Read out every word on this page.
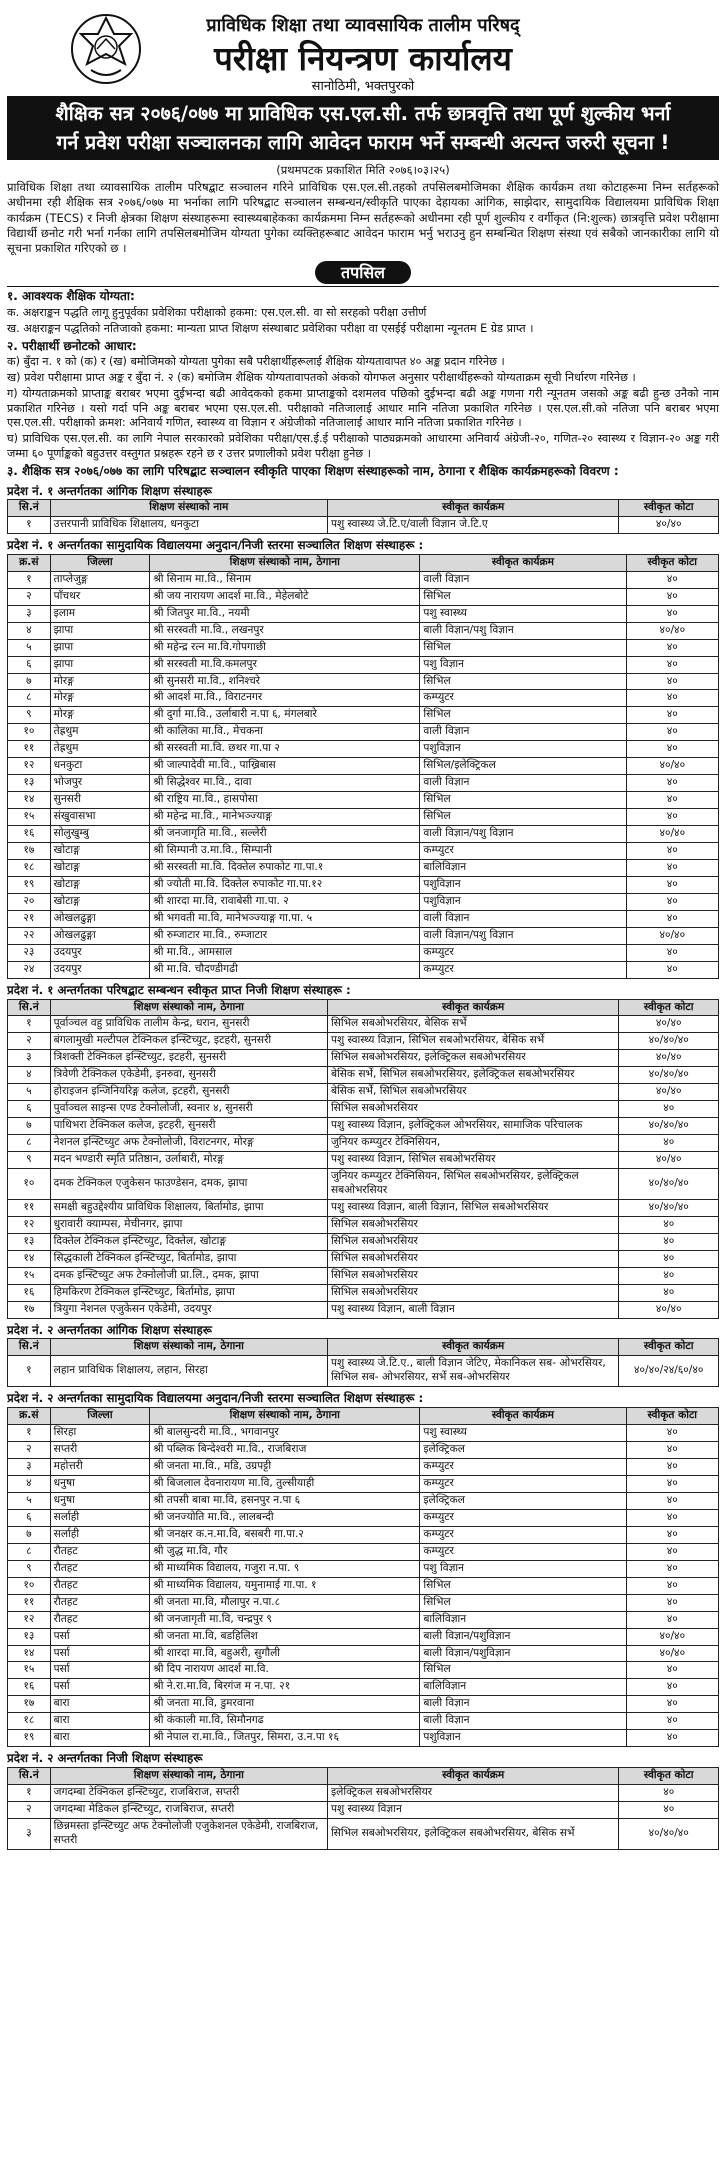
प्राविधिक शिक्षा तथा व्यावसायिक तालीम परिषद्
परीक्षा नियन्त्रण कार्यालय
सानोठिमी, भक्तपुरको
शैक्षिक सत्र २०७६/०७७ मा प्राविधिक एस.एल.सी. तर्फ छात्रवृत्ति तथा पूर्ण शुल्कीय भर्ना
गर्न प्रवेश परीक्षा सञ्चालनका लागि आवेदन फाराम भर्ने सम्बन्धी अत्यन्त जरुरी सूचना !
(प्रथमपटक प्रकाशित मिति २०७६।०३।२५)
प्राविधिक शिक्षा तथा व्यावसायिक तालीम परिषद्बाट सञ्चालन गरिने प्राविधिक एस.एल.सी.तहको तपसिलबमोजिमका शैक्षिक कार्यक्रम तथा कोटाहरूमा निम्न सर्तहरूको अधीनमा रही शैक्षिक सत्र २०७६/०७७ मा भर्नाका लागि परिषद्बाट सञ्चालन सम्बन्धन/स्वीकृति पाएका देहायका आंगिक, साझेदार, सामुदायिक विद्यालयमा प्राविधिक शिक्षा कार्यक्रम (TECS) र निजी क्षेत्रका शिक्षण संस्थाहरूमा स्वास्थ्यबाहेकका कार्यक्रममा निम्न सर्तहरूको अधीनमा रही पूर्ण शुल्कीय र वर्गीकृत (नि:शुल्क) छात्रवृत्ति प्रवेश परीक्षामा विद्यार्थी छनोट गरी भर्ना गर्नका लागि तपसिलबमोजिम योग्यता पुगेका व्यक्तिहरूबाट आवेदन फाराम भर्नु भराउनु हुन सम्बन्धित शिक्षण संस्था एवं सबैको जानकारीका लागि यो सूचना प्रकाशित गरिएको छ ।
तपसिल
१. आवश्यक शैक्षिक योग्यता:
क. अक्षराङ्कन पद्धति लागू हुनुपूर्वका प्रवेशिका परीक्षाको हकमा: एस.एल.सी. वा सो सरहको परीक्षा उत्तीर्ण
ख. अक्षराङ्कन पद्धतिको नतिजाको हकमा: मान्यता प्राप्त शिक्षण संस्थाबाट प्रवेशिका परीक्षा वा एसईई परीक्षामा न्यूनतम E ग्रेड प्राप्त ।
२. परीक्षार्थी छनोटको आधार:
क) बुँदा न. १ को (क) र (ख) बमोजिमको योग्यता पुगेका सबै परीक्षार्थीहरूलाई शैक्षिक योग्यतावापत ४० अङ्क प्रदान गरिनेछ ।
ख) प्रवेश परीक्षामा प्राप्त अङ्क र बुँदा नं. २ (क) बमोजिम शैक्षिक योग्यतावापतको अंकको योगफल अनुसार परीक्षार्थीहरूको योग्यताक्रम सूची निर्धारण गरिनेछ ।
ग) योग्यताक्रमको प्राप्ताङ्क बराबर भएमा दुईभन्दा बढी आवेदकको हकमा प्राप्ताङ्कको दशमलव पछिको दुईभन्दा बढी अङ्क गणना गरी न्यूनतम जसको अङ्क बढी हुन्छ उनैको नाम प्रकाशित गरिनेछ । यसो गर्दा पनि अङ्क बराबर भएमा एस.एल.सी. परीक्षाको नतिजालाई आधार मानि नतिजा प्रकाशित गरिनेछ । एस.एल.सी.को नतिजा पनि बराबर भएमा एस.एल.सी. परीक्षाको क्रमश: अनिवार्य गणित, स्वास्थ्य वा विज्ञान र अंग्रेजीको नतिजालाई आधार मानि नतिजा प्रकाशित गरिनेछ ।
घ) प्राविधिक एस.एल.सी. का लागि नेपाल सरकारको प्रवेशिका परीक्षा/एस.ई.ई परीक्षाको पाठ्यक्रमको आधारमा अनिवार्य अंग्रेजी-२०, गणित-२० स्वास्थ्य र विज्ञान-२० अङ्क गरी जम्मा ६० पूर्णाङ्कको बहुउत्तर वस्तुगत प्रश्नहरू रहने छ र उत्तर प्रणालीको प्रवेश परीक्षा हुनेछ ।
३. शैक्षिक सत्र २०७६/०७७ का लागि परिषद्बाट सञ्चालन स्वीकृति पाएका शिक्षण संस्थाहरूको नाम, ठेगाना र शैक्षिक कार्यक्रमहरूको विवरण :
प्रदेश नं. १ अन्तर्गतका आंगिक शिक्षण संस्थाहरू
सि.नं	शिक्षण संस्थाको नाम	स्वीकृत कार्यक्रम	स्वीकृत कोटा
१	उत्तरपानी प्राविधिक शिक्षालय, धनकुटा	पशु स्वास्थ्य जे.टि.ए/वाली विज्ञान जे.टि.ए	४०/४०
प्रदेश नं. १ अन्तर्गतका सामुदायिक विद्यालयमा अनुदान/निजी स्तरमा सञ्चालित शिक्षण संस्थाहरू :
क्र.सं	जिल्ला	शिक्षण संस्थाको नाम, ठेगाना	स्वीकृत कार्यक्रम	स्वीकृत कोटा
१	ताप्लेजुङ्ग	श्री सिनाम मा.वि., सिनाम	वाली विज्ञान	४०
२	पाँचथर	श्री जय नारायण आदर्श मा.वि., मेहेलबोटे	सिभिल	४०
३	इलाम	श्री जितपुर मा.वि., नयमी	पशु स्वास्थ्य	४०
४	झापा	श्री सरस्वती मा.वि., लखनपुर	बाली विज्ञान/पशु विज्ञान	४०/४०
५	झापा	श्री महेन्द्र रत्न मा.वि.गोपगाछी	सिभिल	४०
६	झापा	श्री सरस्वती मा.वि.कमलपुर	पशु विज्ञान	४०
७	मोरङ्ग	श्री सुनसरी मा.वि., शनिश्चरे	सिभिल	४०
८	मोरङ्ग	श्री आदर्श मा.वि., विराटनगर	कम्प्युटर	४०
९	मोरङ्ग	श्री दुर्गा मा.वि., उर्लाबारी न.पा ६, मंगलबारे	सिभिल	४०
१०	तेह्रथुम	श्री कालिका मा.वि., मेचकना	वाली विज्ञान	४०
११	तेह्रथुम	श्री सरस्वती मा.वि. छथर गा.पा २	पशुविज्ञान	४०
१२	धनकुटा	श्री जाल्पादेवी मा.वि., पाख्रिबास	सिभिल/इलेक्ट्रिकल	४०/४०
१३	भोजपुर	श्री सिद्धेश्वर मा.वि., दावा	वाली विज्ञान	४०
१४	सुनसरी	श्री राष्ट्रिय मा.वि., हासपोसा	सिभिल	४०
१५	संखुवासभा	श्री महेन्द्र मा.वि., मानेभञ्ज्याङ्ग	सिभिल	४०
१६	सोलुखुम्बु	श्री जनजागृति मा.वि., सल्लेरी	वाली विज्ञान/पशु विज्ञान	४०/४०
१७	खोटाङ्ग	श्री सिम्पानी उ.मा.वि., सिम्पानी	कम्प्युटर	४०
१८	खोटाङ्ग	श्री सरस्वती मा.वि. दिक्तेल रुपाकोट गा.पा.१	बालिविज्ञान	४०
१९	खोटाङ्ग	श्री ज्योती मा.वि. दिक्तेल रुपाकोट गा.पा.१२	पशुविज्ञान	४०
२०	खोटाङ्ग	श्री शारदा मा.वि, रावाबेसी गा.पा. २	पशुविज्ञान	४०
२१	ओखलढुङ्गा	श्री भगवती मा.वि, मानेभञ्ज्याङ्ग गा.पा. ५	वाली विज्ञान	४०
२२	ओखलढुङ्गा	श्री रुम्जाटार मा.वि., रुम्जाटार	वाली विज्ञान/पशु विज्ञान	४०/४०
२३	उदयपुर	श्री मा.वि., आमसाल	कम्प्युटर	४०
२४	उदयपुर	श्री मा.वि. चौदण्डीगढी	कम्प्युटर	४०
प्रदेश नं. १ अन्तर्गतका परिषद्बाट सम्बन्धन स्वीकृत प्राप्त निजी शिक्षण संस्थाहरू :
सि.नं	शिक्षण संस्थाको नाम, ठेगाना	स्वीकृत कार्यक्रम	स्वीकृत कोटा
१	पूर्वाञ्चल वहु प्राविधिक तालीम केन्द्र, धरान, सुनसरी	सिभिल सबओभरसियर, बेसिक सर्भे	४०/४०
२	बंगलामुखी मल्टीपल टेक्निकल इन्स्टिच्युट, इटहरी, सुनसरी	पशु स्वास्थ्य विज्ञान, सिभिल सबओभरसियर, बेसिक सर्भे	४०/४०/४०
३	त्रिशक्ती टेक्निकल इन्स्टिच्युट, इटहरी, सुनसरी	सिभिल सबओभरसियर, इलेक्ट्रिकल सबओभरसियर	४०/४०
४	त्रिवेणी टेक्निकल एकेडेमी, इनरुवा, सुनसरी	बेसिक सर्भे, सिभिल सबओभरसियर, इलेक्ट्रिकल सबओभरसियर	४०/४०/४०
५	होराइजन इन्जिनियरिङ्ग कलेज, इटहरी, सुनसरी	बेसिक सर्भे, सिभिल सबओभरसियर	४०/४०
६	पुर्वाञ्चल साइन्स एण्ड टेक्नोलोजी, स्वनार ४, सुनसरी	सिभिल सबओभरसियर	४०
७	पाथिभरा टेक्निकल कलेज, इटहरी, सुनसरी	पशु स्वास्थ्य विज्ञान, इलेक्ट्रिकल ओभरसियर, सामाजिक परिचालक	४०/४०/४०
८	नेशनल इन्स्टिच्युट अफ टेक्नोलोजी, विराटनगर, मोरङ्ग	जुनियर कम्प्युटर टेक्निसियन,	४०
९	मदन भण्डारी स्मृति प्रतिष्ठान, उर्लाबारी, मोरङ्ग	पशु स्वास्थ्य विज्ञान, सिभिल सबओभरसियर	४०/४०
१०	दमक टेक्निकल एजुकेसन फाउण्डेसन, दमक, झापा	जुनियर कम्प्युटर टेक्निसियन, सिभिल सबओभरसियर, इलेक्ट्रिकल सबओभरसियर	४०/४०/४०
११	समक्षी बहुउद्देश्यीय प्राविधिक शिक्षालय, बिर्तामोड, झापा	पशु स्वास्थ्य विज्ञान, बाली विज्ञान, सिभिल सबओभरसियर	४०/४०/४०
१२	धुरावारी क्याम्पस, मेचीनगर, झापा	सिभिल सबओभरसियर	४०
१३	दिक्तेल टेक्निकल इन्स्टिच्युट, दिक्तेल, खोटाङ्ग	सिभिल सबओभरसियर	४०
१४	सिद्धकाली टेक्निकल इन्स्टिच्युट, बिर्तामोड, झापा	सिभिल सबओभरसियर	४०
१५	दमक इन्स्टिच्युट अफ टेक्नोलोजी प्रा.लि., दमक, झापा	सिभिल सबओभरसियर	४०
१६	हिमकिरण टेक्निकल इन्स्टिच्युट, बिर्तामोड, झापा	सिभिल सबओभरसियर	४०
१७	त्रियुगा नेशनल एजुकेसन एकेडेमी, उदयपुर	पशु स्वास्थ्य विज्ञान, बाली विज्ञान	४०/४०
प्रदेश नं. २ अन्तर्गतका आंगिक शिक्षण संस्थाहरू
सि.नं	शिक्षण संस्थाको नाम, ठेगाना	स्वीकृत कार्यक्रम	स्वीकृत कोटा
१	लहान प्राविधिक शिक्षालय, लहान, सिरहा	पशु स्वास्थ्य जे.टि.ए., बाली विज्ञान जेटिए, मेकानिकल सब- ओभरसियर, सिभिल सब- ओभरसियर, सर्भे सब-ओभरसियर	४०/४०/२४/६०/४०
प्रदेश नं. २ अन्तर्गतका सामुदायिक विद्यालयमा अनुदान/निजी स्तरमा सञ्चालित शिक्षण संस्थाहरू :
क्र.सं	जिल्ला	शिक्षण संस्थाको नाम, ठेगाना	स्वीकृत कार्यक्रम	स्वीकृत कोटा
१	सिरहा	श्री बालसुन्दरी मा.वि., भगवानपुर	पशु स्वास्थ्य	४०
२	सप्तरी	श्री पब्लिक बिन्देश्वरी मा.वि., राजबिराज	इलेक्ट्रिकल	४०
३	महोत्तरी	श्री जनता मा.वि., मडि, उग्रपट्टी	कम्प्युटर	४०
४	धनुषा	श्री बिजलाल देवनारायण मा.वि, तुल्सीयाही	कम्प्युटर	४०
५	धनुषा	श्री तपसी बाबा मा.वि, हसनपुर न.पा ६	इलेक्ट्रिकल	४०
६	सर्लाही	श्री जनज्योति मा.वि., लालबन्दी	कम्प्युटर	४०
७	सर्लाही	श्री जनक्षर क.न.मा.वि, बसबरी गा.पा.२	कम्प्युटर	४०
८	रौतहट	श्री जुद्ध मा.वि, गौर	कम्प्युटर	४०
९	रौतहट	श्री माध्यमिक विद्यालय, गजुरा न.पा. ९	पशु विज्ञान	४०
१०	रौतहट	श्री माध्यमिक विद्यालय, यमुनामाई गा.पा. १	सिभिल	४०
११	रौतहट	श्री जनता मा.वि, मौलापुर न.पा.८	सिभिल	४०
१२	रौतहट	श्री जनजागृती मा.वि, चन्द्रपुर ९	बालिविज्ञान	४०
१३	पर्सा	श्री जनता मा.वि, बडहिलिश	बाली विज्ञान/पशुविज्ञान	४०/४०
१४	पर्सा	श्री शारदा मा.वि, बहुअरी, सुगौली	बाली विज्ञान/पशुविज्ञान	४०/४०
१५	पर्सा	श्री दिप नारायण आदर्श मा.वि.	सिभिल	४०
१६	पर्सा	श्री ने.रा.मा.वि, बिरगंज म न.पा. २१	बालिविज्ञान	४०
१७	बारा	श्री जनता मा.वि, डुमरवाना	बाली विज्ञान	४०
१८	बारा	श्री कंकाली मा.वि, सिमौनगढ	बाली विज्ञान	४०
१९	बारा	श्री नेपाल रा.मा.वि., जितपुर, सिमरा, उ.न.पा १६	पशुविज्ञान	४०
प्रदेश नं. २ अन्तर्गतका निजी शिक्षण संस्थाहरू
सि.नं	शिक्षण संस्थाको नाम, ठेगाना	स्वीकृत कार्यक्रम	स्वीकृत कोटा
१	जगदम्बा टेक्निकल इन्स्टिच्युट, राजबिराज, सप्तरी	इलेक्ट्रिकल सबओभरसियर	४०
२	जगदम्बा मेडिकल इन्स्टिच्युट, राजबिराज, सप्तरी	पशु स्वास्थ्य विज्ञान	४०
३	छिन्नमस्ता इन्स्टिच्युट अफ टेक्नोलोजी एजुकेशनल एकेडेमी, राजबिराज, सप्तरी	सिभिल सबओभरसियर, इलेक्ट्रिकल सबओभरसियर, बेसिक सर्भे	४०/४०/४०
